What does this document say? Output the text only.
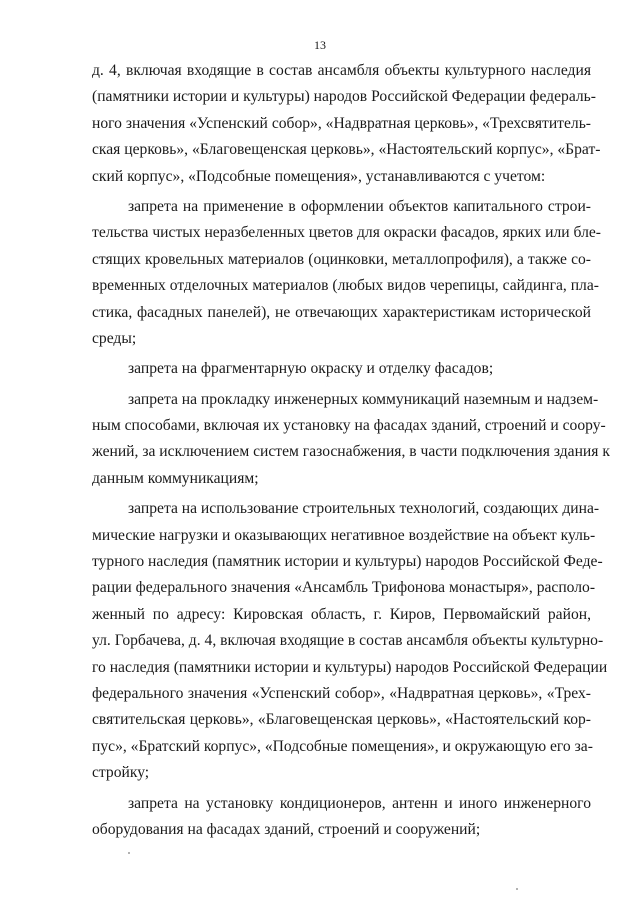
13
д. 4, включая входящие в состав ансамбля объекты культурного наследия
(памятники истории и культуры) народов Российской Федерации федераль-
ного значения «Успенский собор», «Надвратная церковь», «Трехсвятитель-
ская церковь», «Благовещенская церковь», «Настоятельский корпус», «Брат-
ский корпус», «Подсобные помещения», устанавливаются с учетом:
запрета на применение в оформлении объектов капитального строи-
тельства чистых неразбеленных цветов для окраски фасадов, ярких или бле-
стящих кровельных материалов (оцинковки, металлопрофиля), а также со-
временных отделочных материалов (любых видов черепицы, сайдинга, пла-
стика, фасадных панелей), не отвечающих характеристикам исторической
среды;
запрета на фрагментарную окраску и отделку фасадов;
запрета на прокладку инженерных коммуникаций наземным и надзем-
ным способами, включая их установку на фасадах зданий, строений и соору-
жений, за исключением систем газоснабжения, в части подключения здания к
данным коммуникациям;
запрета на использование строительных технологий, создающих дина-
мические нагрузки и оказывающих негативное воздействие на объект куль-
турного наследия (памятник истории и культуры) народов Российской Феде-
рации федерального значения «Ансамбль Трифонова монастыря», располо-
женный по адресу: Кировская область, г. Киров, Первомайский район,
ул. Горбачева, д. 4, включая входящие в состав ансамбля объекты культурно-
го наследия (памятники истории и культуры) народов Российской Федерации
федерального значения «Успенский собор», «Надвратная церковь», «Трех-
святительская церковь», «Благовещенская церковь», «Настоятельский кор-
пус», «Братский корпус», «Подсобные помещения», и окружающую его за-
стройку;
запрета на установку кондиционеров, антенн и иного инженерного
оборудования на фасадах зданий, строений и сооружений;
